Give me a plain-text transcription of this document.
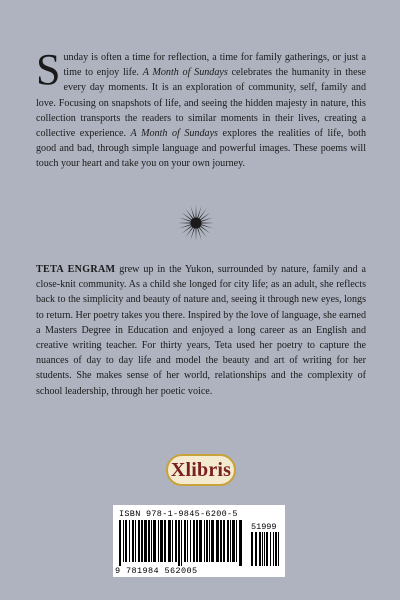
Sunday is often a time for reflection, a time for family gatherings, or just a time to enjoy life. A Month of Sundays celebrates the humanity in these every day moments. It is an exploration of community, self, family and love. Focusing on snapshots of life, and seeing the hidden majesty in nature, this collection transports the readers to similar moments in their lives, creating a collective experience. A Month of Sundays explores the realities of life, both good and bad, through simple language and powerful images. These poems will touch your heart and take you on your own journey.
TETA ENGRAM grew up in the Yukon, surrounded by nature, family and a close-knit community. As a child she longed for city life; as an adult, she reflects back to the simplicity and beauty of nature and, seeing it through new eyes, longs to return. Her poetry takes you there. Inspired by the love of language, she earned a Masters Degree in Education and enjoyed a long career as an English and creative writing teacher. For thirty years, Teta used her poetry to capture the nuances of day to day life and model the beauty and art of writing for her students. She makes sense of her world, relationships and the complexity of school leadership, through her poetic voice.
Xlibris
ISBN 978-1-9845-6200-5
51999
9 781984 562005
